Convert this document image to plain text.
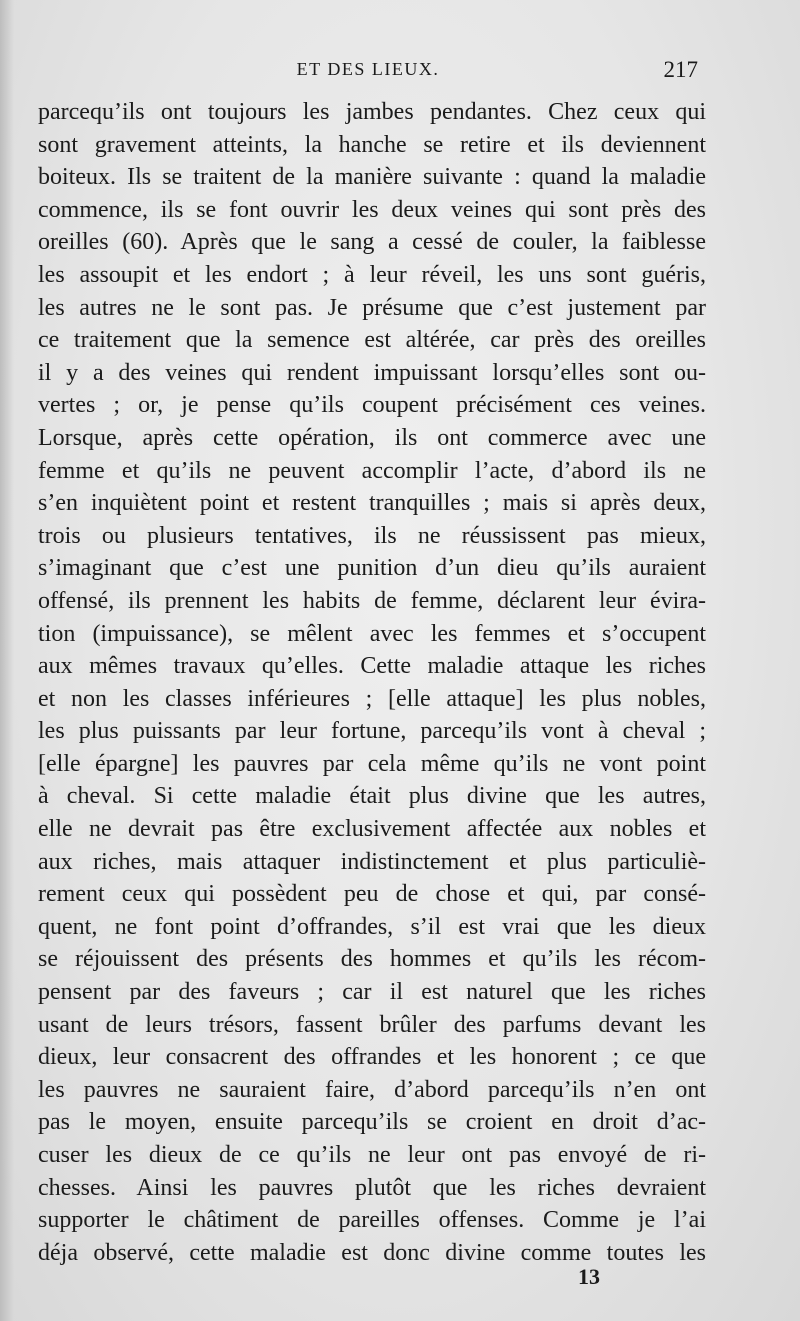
ET DES LIEUX.	217
parcequ’ils ont toujours les jambes pendantes. Chez ceux qui
sont gravement atteints, la hanche se retire et ils deviennent
boiteux. Ils se traitent de la manière suivante : quand la maladie
commence, ils se font ouvrir les deux veines qui sont près des
oreilles (60). Après que le sang a cessé de couler, la faiblesse
les assoupit et les endort ; à leur réveil, les uns sont guéris,
les autres ne le sont pas. Je présume que c’est justement par
ce traitement que la semence est altérée, car près des oreilles
il y a des veines qui rendent impuissant lorsqu’elles sont ou-
vertes ; or, je pense qu’ils coupent précisément ces veines.
Lorsque, après cette opération, ils ont commerce avec une
femme et qu’ils ne peuvent accomplir l’acte, d’abord ils ne
s’en inquiètent point et restent tranquilles ; mais si après deux,
trois ou plusieurs tentatives, ils ne réussissent pas mieux,
s’imaginant que c’est une punition d’un dieu qu’ils auraient
offensé, ils prennent les habits de femme, déclarent leur évira-
tion (impuissance), se mêlent avec les femmes et s’occupent
aux mêmes travaux qu’elles. Cette maladie attaque les riches
et non les classes inférieures ; [elle attaque] les plus nobles,
les plus puissants par leur fortune, parcequ’ils vont à cheval ;
[elle épargne] les pauvres par cela même qu’ils ne vont point
à cheval. Si cette maladie était plus divine que les autres,
elle ne devrait pas être exclusivement affectée aux nobles et
aux riches, mais attaquer indistinctement et plus particuliè-
rement ceux qui possèdent peu de chose et qui, par consé-
quent, ne font point d’offrandes, s’il est vrai que les dieux
se réjouissent des présents des hommes et qu’ils les récom-
pensent par des faveurs ; car il est naturel que les riches
usant de leurs trésors, fassent brûler des parfums devant les
dieux, leur consacrent des offrandes et les honorent ; ce que
les pauvres ne sauraient faire, d’abord parcequ’ils n’en ont
pas le moyen, ensuite parcequ’ils se croient en droit d’ac-
cuser les dieux de ce qu’ils ne leur ont pas envoyé de ri-
chesses. Ainsi les pauvres plutôt que les riches devraient
supporter le châtiment de pareilles offenses. Comme je l’ai
déja observé, cette maladie est donc divine comme toutes les
13
